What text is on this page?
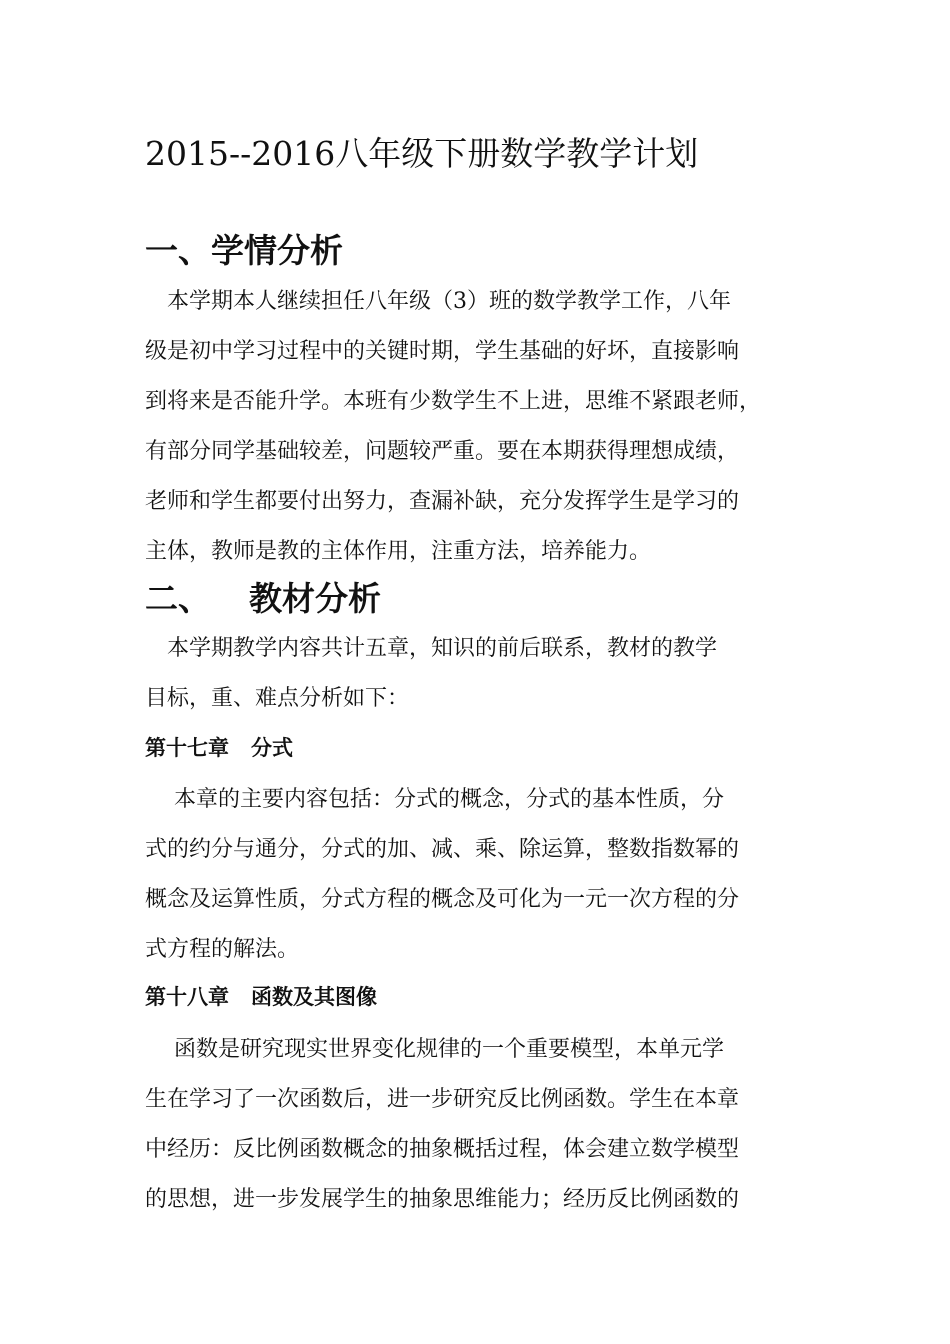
2015--2016八年级下册数学教学计划
一、学情分析

　本学期本人继续担任八年级（3）班的数学教学工作，八年
级是初中学习过程中的关键时期，学生基础的好坏，直接影响
到将来是否能升学。本班有少数学生不上进，思维不紧跟老师，
有部分同学基础较差，问题较严重。要在本期获得理想成绩，
老师和学生都要付出努力，查漏补缺，充分发挥学生是学习的
主体，教师是教的主体作用，注重方法，培养能力。

二、 教材分析

　本学期教学内容共计五章，知识的前后联系，教材的教学
目标，重、难点分析如下：

第十七章 分式

　 本章的主要内容包括：分式的概念，分式的基本性质，分
式的约分与通分，分式的加、减、乘、除运算，整数指数幂的
概念及运算性质，分式方程的概念及可化为一元一次方程的分
式方程的解法。

第十八章 函数及其图像

　 函数是研究现实世界变化规律的一个重要模型，本单元学
生在学习了一次函数后，进一步研究反比例函数。学生在本章
中经历：反比例函数概念的抽象概括过程，体会建立数学模型
的思想，进一步发展学生的抽象思维能力；经历反比例函数的
